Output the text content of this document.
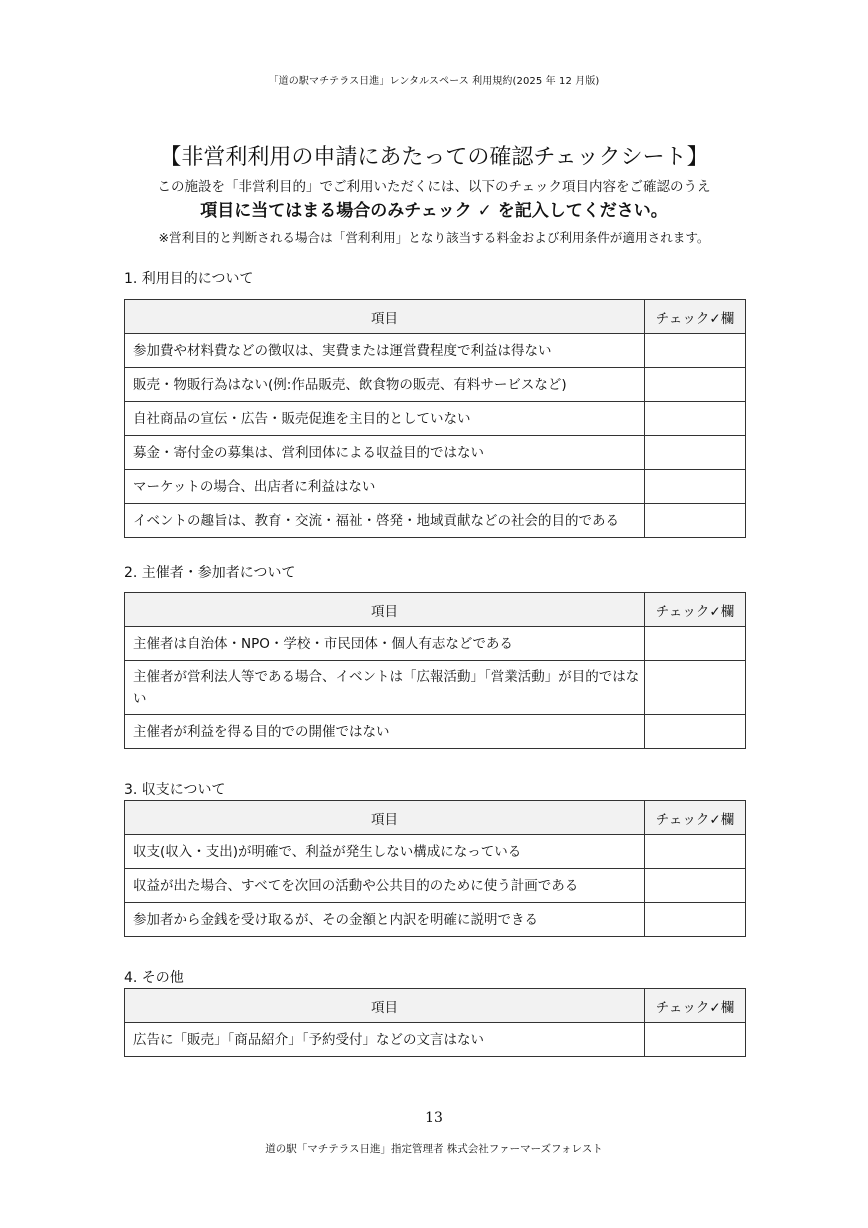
「道の駅マチテラス日進」レンタルスペース 利用規約(2025 年 12 月版)
【非営利利用の申請にあたっての確認チェックシート】
この施設を「非営利目的」でご利用いただくには、以下のチェック項目内容をご確認のうえ
項目に当てはまる場合のみチェック ✓ を記入してください。
※営利目的と判断される場合は「営利利用」となり該当する料金および利用条件が適用されます。
1. 利用目的について
項目	チェック✓欄
参加費や材料費などの徴収は、実費または運営費程度で利益は得ない	
販売・物販行為はない(例:作品販売、飲食物の販売、有料サービスなど)	
自社商品の宣伝・広告・販売促進を主目的としていない	
募金・寄付金の募集は、営利団体による収益目的ではない	
マーケットの場合、出店者に利益はない	
イベントの趣旨は、教育・交流・福祉・啓発・地域貢献などの社会的目的である	
2. 主催者・参加者について
項目	チェック✓欄
主催者は自治体・NPO・学校・市民団体・個人有志などである	
主催者が営利法人等である場合、イベントは「広報活動」「営業活動」が目的ではない	
主催者が利益を得る目的での開催ではない	
3. 収支について
項目	チェック✓欄
収支(収入・支出)が明確で、利益が発生しない構成になっている	
収益が出た場合、すべてを次回の活動や公共目的のために使う計画である	
参加者から金銭を受け取るが、その金額と内訳を明確に説明できる	
4. その他
項目	チェック✓欄
広告に「販売」「商品紹介」「予約受付」などの文言はない	
13
道の駅「マチテラス日進」指定管理者 株式会社ファーマーズフォレスト
